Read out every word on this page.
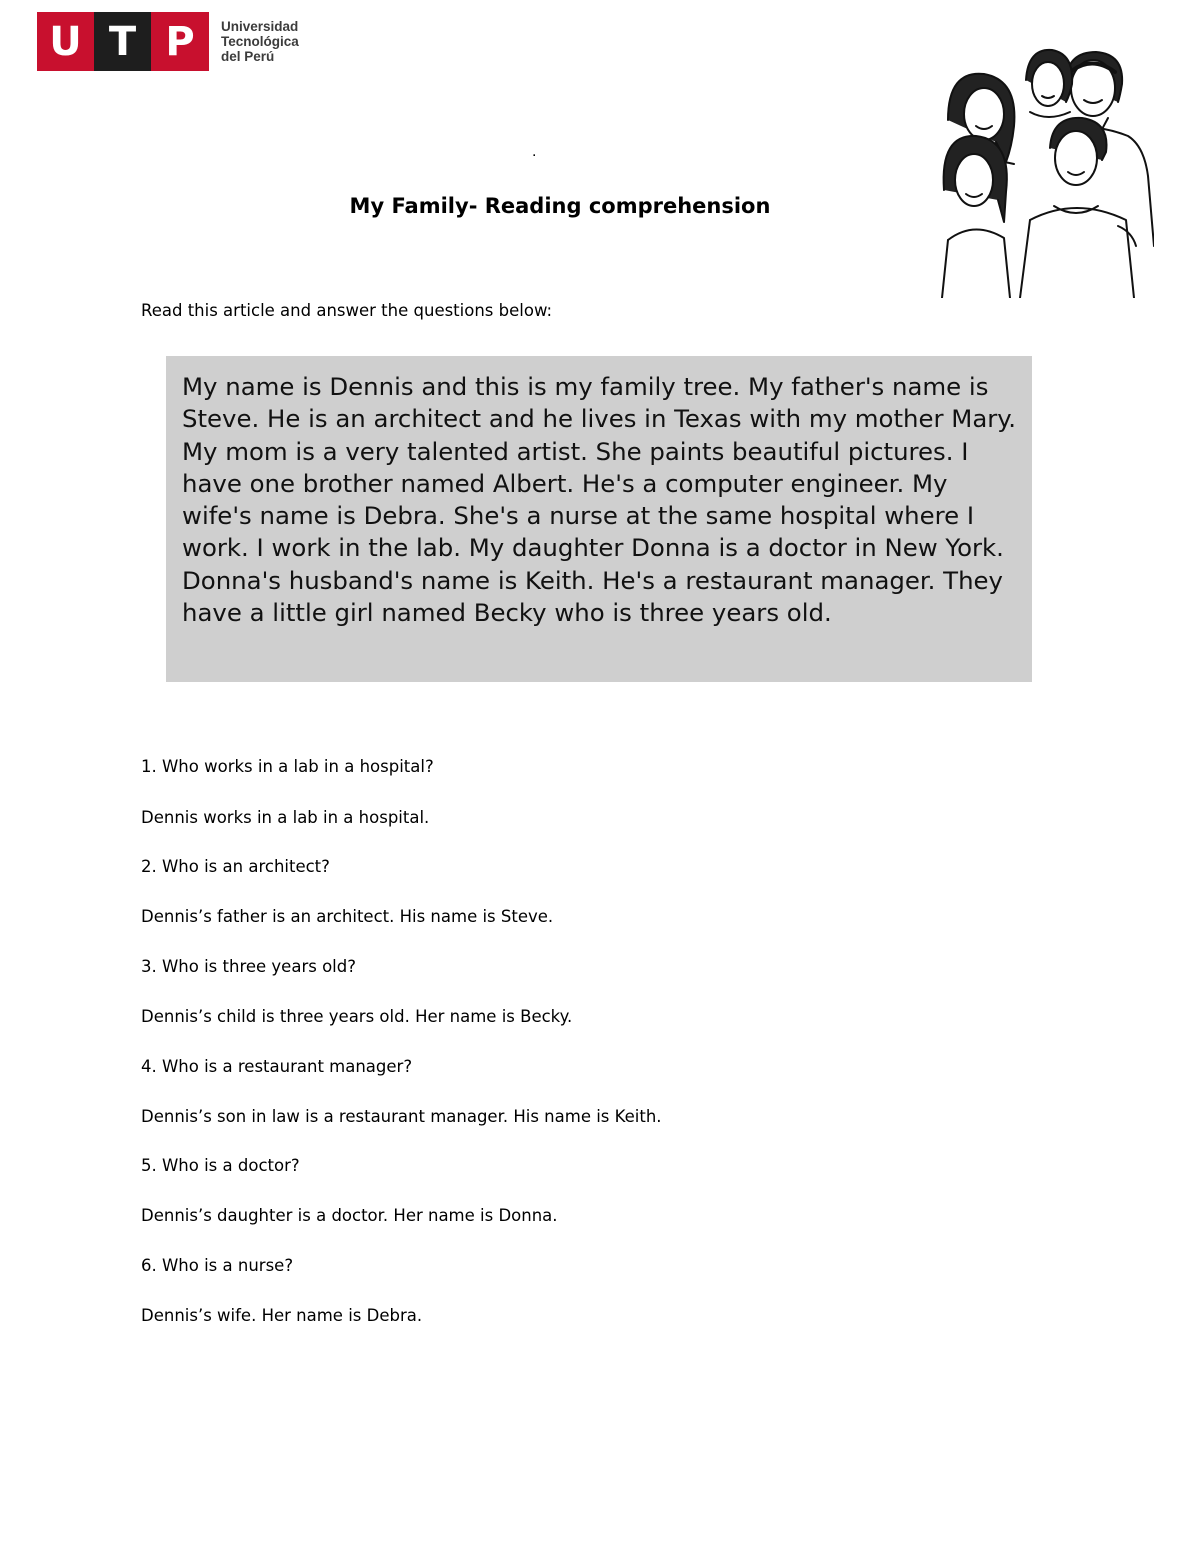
U T P	Universidad
Tecnológica
del Perú
.
My Family- Reading comprehension
Read this article and answer the questions below:
My name is Dennis and this is my family tree. My father's name is Steve. He is an architect and he lives in Texas with my mother Mary. My mom is a very talented artist. She paints beautiful pictures. I have one brother named Albert. He's a computer engineer. My wife's name is Debra. She's a nurse at the same hospital where I work. I work in the lab. My daughter Donna is a doctor in New York. Donna's husband's name is Keith. He's a restaurant manager. They have a little girl named Becky who is three years old.
1. Who works in a lab in a hospital?
Dennis works in a lab in a hospital.
2. Who is an architect?
Dennis’s father is an architect. His name is Steve.
3. Who is three years old?
Dennis’s child is three years old. Her name is Becky.
4. Who is a restaurant manager?
Dennis’s son in law is a restaurant manager. His name is Keith.
5. Who is a doctor?
Dennis’s daughter is a doctor. Her name is Donna.
6. Who is a nurse?
Dennis’s wife. Her name is Debra.
